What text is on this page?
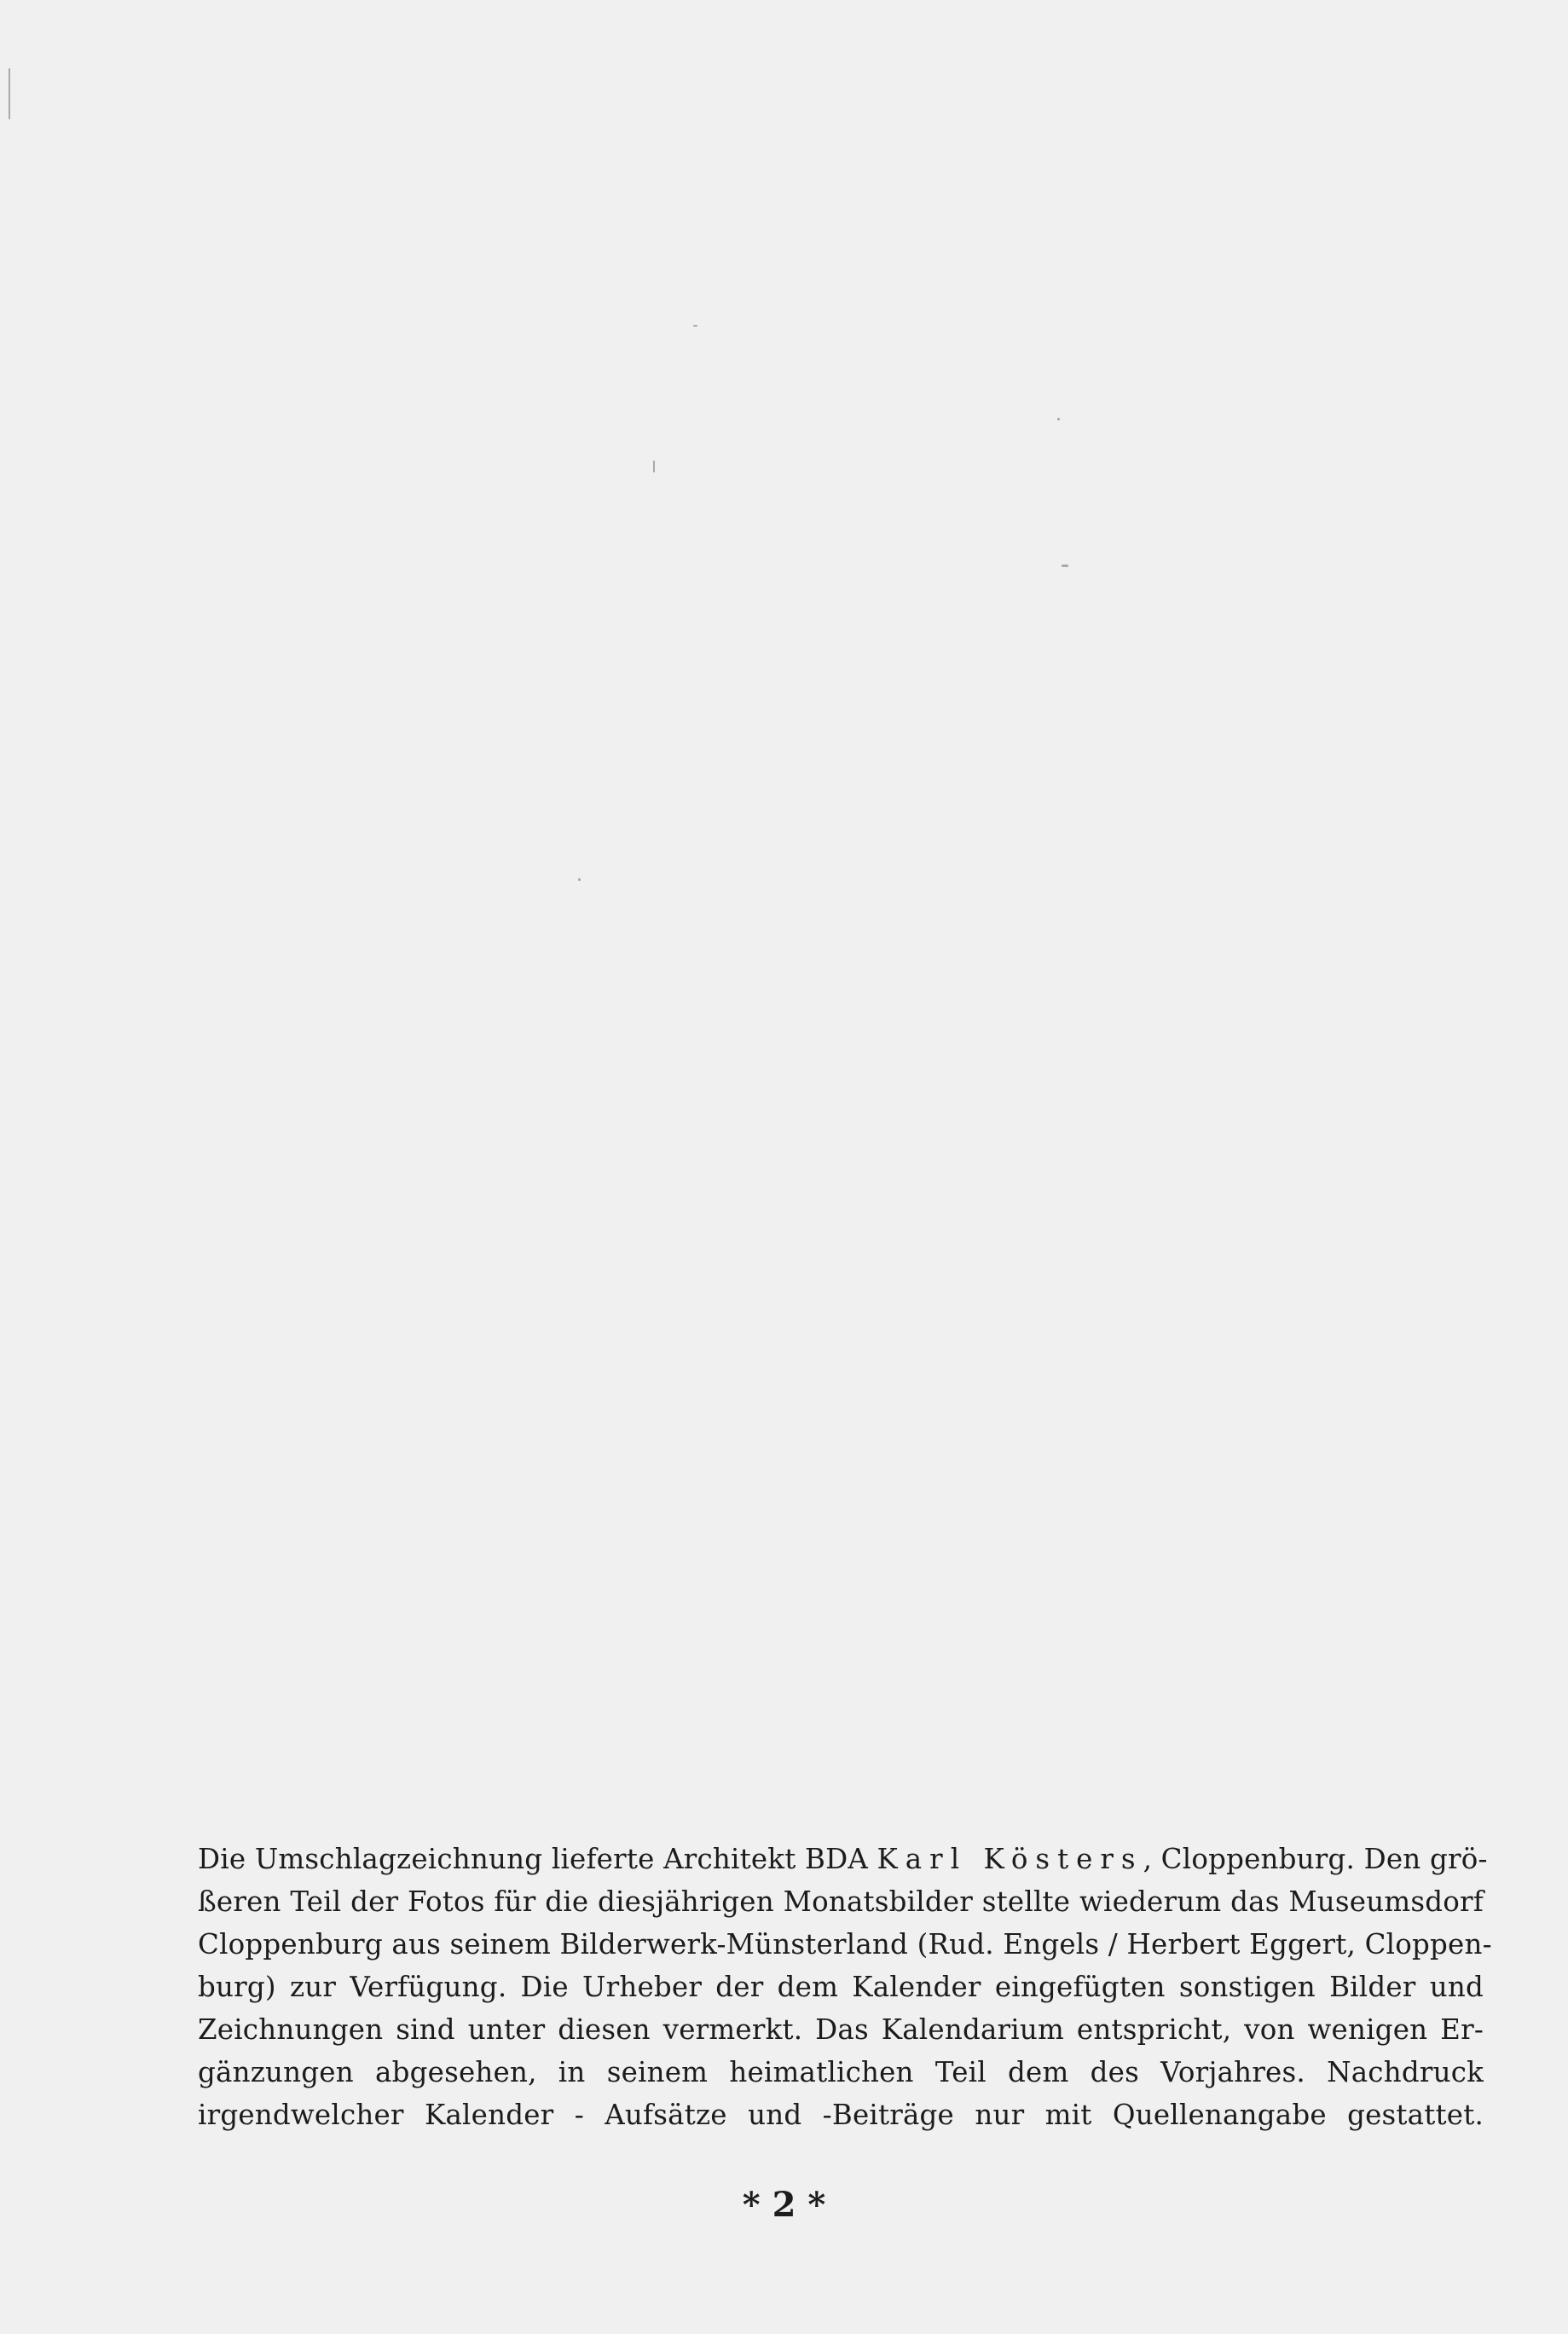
Die Umschlagzeichnung lieferte Architekt BDA Karl Kösters, Cloppenburg. Den grö-
ßeren Teil der Fotos für die diesjährigen Monatsbilder stellte wiederum das Museumsdorf
Cloppenburg aus seinem Bilderwerk-Münsterland (Rud. Engels / Herbert Eggert, Cloppen-
burg) zur Verfügung. Die Urheber der dem Kalender eingefügten sonstigen Bilder und
Zeichnungen sind unter diesen vermerkt. Das Kalendarium entspricht, von wenigen Er-
gänzungen abgesehen, in seinem heimatlichen Teil dem des Vorjahres. Nachdruck
irgendwelcher Kalender - Aufsätze und -Beiträge nur mit Quellenangabe gestattet.
* 2 *
